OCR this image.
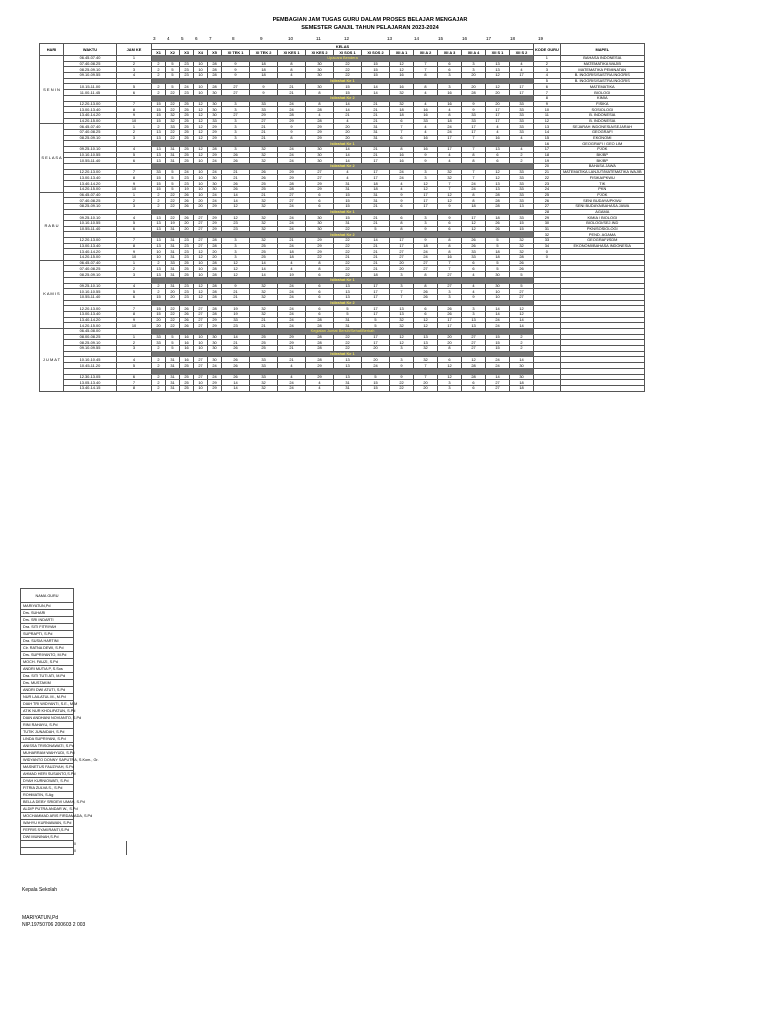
PEMBAGIAN JAM TUGAS GURU DALAM PROSES BELAJAR MENGAJAR
SEMESTER GANJIL TAHUN PELAJARAN 2023-2024
3 4 5 6 7	8	9	10	11	12	13	14	15	16	17	18	19
HARI	WAKTU	JAM KE	KELAS																	KODE GURU	MAPEL
			X1	X2	X3	X4	X5	XI TEK 1	XI TEK 2	XI KES 1	XI KES 2	XI SOS 1	XI SOS 2	XII A 1	XII A 2	XII A 3	XII A 4	XII S 1	XII S 2		
S E N I N	06.45-07.40	1	Upacara Bendera																	1	BAHASA INDONESIA
	07.40-08.25	2	2	5	23	10	28	9	18	8	30	22	15	12	7	6	3	13	4	2	MATEMATIKA WAJIB
	08.25-09.10	3	2	5	23	10	28	9	18	8	30	22	15	12	7	6	3	13	4	3	MATEMATIKA PEMINATAN
	09.10-09.55	4	2	5	23	10	28	9	18	4	30	22	15	16	8	3	20	12	17	4	B. INGGRIS/SASTRA INGGRIS
			Istirahat Ke 1																	5	B. INGGRIS/SASTRA INGGRIS
	10.15-11.00	5	2	5	24	10	28	27	9	21	30	15	14	16	8	3	20	12	17	6	MATEMATIKA
	11.00-11.45	6	2	22	23	10	30	27	9	21	8	15	14	32	4	16	28	20	17	7	BIOLOGI
			Istirahat Ke 2																	8	KIMIA
	12.20-13.00	7	15	22	25	12	30	3	33	24	8	14	21	32	4	16	9	20	33	9	FISIKA
	13.00-13.40	8	15	22	25	12	30	3	33	24	28	14	21	18	16	4	9	17	33	10	SOSIOLOGI
	13.40-14.20	9	15	32	25	12	30	27	29	28	4	21	21	18	16	8	33	17	33	11	B. INDONESIA
	14.20-15.00	10	15	32	25	12	33	3	27	29	28	4	21	6	33	18	33	17	33	12	B. INDONESIA
S E L A S A	06.45-07.40	1	2	33	25	12	29	3	21	9	29	20	31	7	4	24	17	4	33	13	SEJARAH INDONESIA/SEJARAH
	07.40-08.25	2	13	22	25	12	29	3	21	9	29	20	31	7	4	24	17	4	33	14	GEOGRAFI
	08.25-09.10	3	13	22	25	12	29	3	21	8	29	20	31	6	16	17	7	16	4	15	EKONOMI
			Istirahat Ke 1																	16	GEOGRAFI / GEO LIM
	09.25-10.10	4	13	31	25	12	28	3	32	24	30	14	21	8	16	17	7	13	4	17	PJOK
	10.10-10.55	5	13	31	25	12	29	26	32	24	30	14	21	16	9	4	8	6	2	18	BK/BP
	10.55-11.40	6	13	31	25	10	24	26	32	24	30	14	17	16	9	4	8	6	2	19	BK/BP
			Istirahat Ke 2																	20	BAHASA JAWA
	12.20-13.00	7	33	5	24	10	24	21	26	29	27	4	17	24	3	32	7	12	33	21	MATEMATIKA LANJUT/MATEMATIKA WAJIB
	13.00-13.40	8	15	5	23	10	30	21	26	29	27	4	17	24	3	32	7	12	33	22	FISIKA/PKWU
	13.40-14.20	9	15	5	23	10	30	26	25	28	29	31	18	4	12	7	24	13	33	23	TIK
	14.20-15.00	10	15	5	19	10	30	26	25	28	29	31	18	4	12	7	24	13	33	24	PKN
R A B U	06.45-07.40	1	2	22	26	10	24	14	21	27	6	15	31	9	17	12	8	28	33	25	PJOK
	07.40-08.25	2	2	22	26	20	24	14	32	27	6	15	31	9	17	12	8	28	33	26	SENI BUDAYA/PKWU
	08.25-09.10	3	2	22	26	20	29	12	32	24	6	15	21	6	17	9	18	28	13	27	SENI BUDAYA/BAHASA JAWA
			Istirahat Ke 1																	28	AGAMA
	09.25-10.10	4	13	22	26	27	29	12	32	24	30	15	21	6	3	9	17	18	33	29	KIMIA / BIOLOGI
	10.10-10.55	5	13	19	20	27	29	23	32	24	30	31	21	8	3	6	12	26	15	30	BIOLOGI/SEJ.IND
	10.55-11.40	6	13	31	20	27	29	23	32	24	30	22	5	8	9	6	12	26	15	31	PKN/SOSIOLOGI
			Istirahat Ke 2																	32	PEND. AGAMA
	12.20-13.00	7	13	31	23	27	28	3	32	21	29	22	14	17	9	8	26	5	32	33	GEOGRAFI/SDM
	13.00-13.40	8	13	31	23	27	28	3	25	24	29	22	21	17	18	8	26	5	32	34	EKONOMI/BAHASA INDONESIA
	13.40-14.20	9	10	31	23	12	20	3	25	18	29	22	21	27	24	8	33	18	32	0	
	14.20-15.00	10	10	31	23	12	20	3	25	18	22	21	21	27	24	16	33	18	28	0	
K A M I S	06.45-07.40	1	2	33	25	10	28	12	14	4	8	22	21	20	27	7	6	5	26		
	07.40-08.25	2	13	31	25	10	28	12	14	4	8	22	21	20	27	7	6	5	26		
	08.25-09.10	3	13	31	25	10	28	12	14	19	6	22	18	3	8	27	4	30	5		
			Istirahat Ke 1																		
	09.25-10.10	4	2	31	23	12	28	9	32	24	6	13	17	3	8	27	4	30	5		
	10.10-10.55	5	2	20	23	12	28	21	32	24	6	13	17	7	26	3	4	10	27		
	10.55-11.40	6	15	20	23	12	28	21	32	24	6	13	17	7	26	3	9	10	27		
			Istirahat Ke 2																		
	12.20-13.00	7	15	22	26	27	28	19	32	24	6	5	17	13	6	26	3	14	12		
	13.00-13.40	8	15	22	26	27	28	19	32	24	6	5	17	13	6	26	3	14	12		
	13.40-14.20	9	20	22	26	27	29	33	21	24	28	31	5	32	12	17	13	24	14		
	14.20-15.00	10	20	22	26	27	29	23	21	24	28	31	5	32	12	17	13	24	14		
J U M A T	06.45-08.00		Kegiatan Jumat Bersih/Sehat/Berkah																		
	08.00-08.25	1	33	5	16	10	30	14	25	29	28	22	17	12	13	20	27	15	2		
	08.25-09.10	2	33	5	16	10	30	21	25	29	28	22	17	12	13	20	27	15	2		
	09.10-09.55	3	2	5	16	10	30	26	25	21	28	22	20	3	32	8	27	15	2		
			Istirahat Ke 1																		
	10.10-10.45	4	2	31	16	27	30	26	33	21	28	13	20	3	32	6	12	24	14		
	10.45-11.20	5	2	31	25	27	24	26	33	4	29	13	24	9	7	12	28	24	30		

	12.30-13.05	6	2	31	25	27	24	26	33	4	29	13	5	9	7	12	28	14	30		
	13.05-13.40	7	2	31	25	10	29	14	32	24	4	31	15	22	20	3	6	27	18		
	13.40-14.15	8	2	31	25	10	29	14	32	24	4	31	15	22	20	3	6	27	18		
NAMA GURU	
MARIYATUN,Pd	
Drs. SUHARI	
Drs. SRI INDARTI	
Dra. SITI FITRIYAH	
SUPRAPTI, S.Pd	
Dra. SUSIA HARTINI	
Clr. RATNA DEWI, S.Pd	
Drs. SUPRIYANTO, M.Pd	
MOCH. FAUZI, S.Pd	
ANDRI MUTIA P, S.Sos	
Dra. SITI TUTI ATI, M.Pd	
Drs. MUSTAKIM	
ANDRI DWI ATUTI, S.Pd	
NUR LAILATUL M., M.Pd	
DIAH TRI WIDYANTI, S.E., M.M	
ATIK NUR KHOLIFATUN, S.Pd	
DIAN ANDHANI NOVIANTO, S.Pd	
RINI RAHAYU, S.Pd	
TUTIK JUNAIDAH, S.Pd	
LINDA SUPRIYANI, S.Pd	
ANISSA TRISONAWATI, S.Pd	
MUHARRAM WAHYUDI, S.Pd	
WIDYANTO DONNY SAPUTRA, S.Kom., Gr.	
MASNETUS FAUZIYAH, S.Pd	
AHMAD HERI SUSANTO,S.Pd	
DYAH KURNIOWATI, S.Pd	
FITRIA ZULVA S., S.Pd	
ROHMATIN, S.Ag	
BELLA DEBY SRIDEVI UMAH, S.Pd	
ALDIP PUTRA ANDAR W., S.Pd	
MOCHAMMAD ARIS FIRDAMADA, S.Pd	
WAHYU KURNIAWAN, S.Pd	
FEFRIS SYAKIRANTI,S.Pd	
DWI MUNINAH,S.Pd	
	0
	0
Kepala Sekolah
MARIYATUN,Pd
NIP.19750706 200603 2 003
